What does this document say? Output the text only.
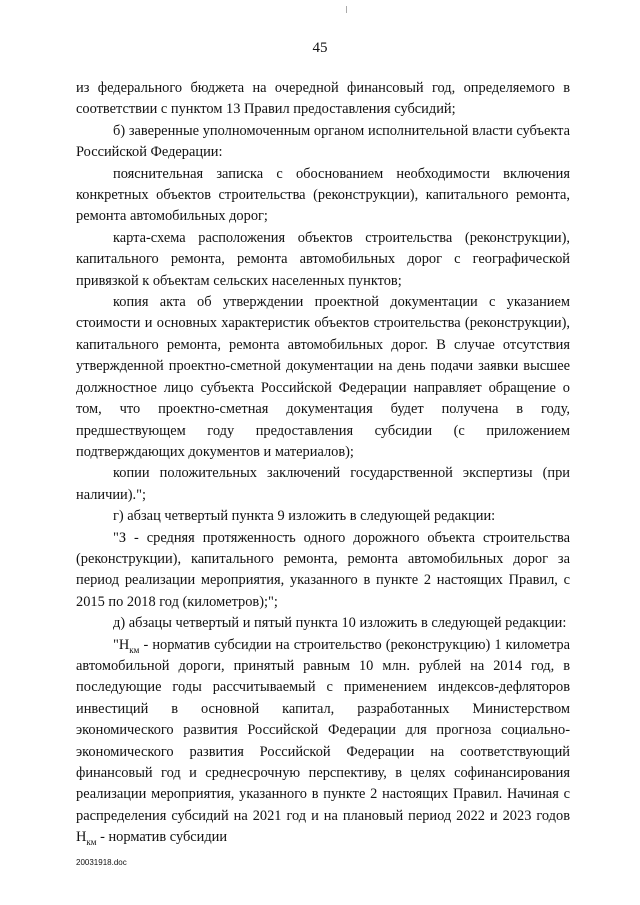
45

из федерального бюджета на очередной финансовый год, определяемого в соответствии с пунктом 13 Правил предоставления субсидий;

б) заверенные уполномоченным органом исполнительной власти субъекта Российской Федерации:

пояснительная записка с обоснованием необходимости включения конкретных объектов строительства (реконструкции), капитального ремонта, ремонта автомобильных дорог;

карта-схема расположения объектов строительства (реконструкции), капитального ремонта, ремонта автомобильных дорог с географической привязкой к объектам сельских населенных пунктов;

копия акта об утверждении проектной документации с указанием стоимости и основных характеристик объектов строительства (реконструкции), капитального ремонта, ремонта автомобильных дорог. В случае отсутствия утвержденной проектно-сметной документации на день подачи заявки высшее должностное лицо субъекта Российской Федерации направляет обращение о том, что проектно-сметная документация будет получена в году, предшествующем году предоставления субсидии (с приложением подтверждающих документов и материалов);

копии положительных заключений государственной экспертизы (при наличии).";

г) абзац четвертый пункта 9 изложить в следующей редакции:

"З - средняя протяженность одного дорожного объекта строительства (реконструкции), капитального ремонта, ремонта автомобильных дорог за период реализации мероприятия, указанного в пункте 2 настоящих Правил, с 2015 по 2018 год (километров);";

д) абзацы четвертый и пятый пункта 10 изложить в следующей редакции:

"$Н_{км}$ - норматив субсидии на строительство (реконструкцию) 1 километра автомобильной дороги, принятый равным 10 млн. рублей на 2014 год, в последующие годы рассчитываемый с применением индексов-дефляторов инвестиций в основной капитал, разработанных Министерством экономического развития Российской Федерации для прогноза социально-экономического развития Российской Федерации на соответствующий финансовый год и среднесрочную перспективу, в целях софинансирования реализации мероприятия, указанного в пункте 2 настоящих Правил. Начиная с распределения субсидий на 2021 год и на плановый период 2022 и 2023 годов $Н_{км}$ - норматив субсидии

20031918.doc
